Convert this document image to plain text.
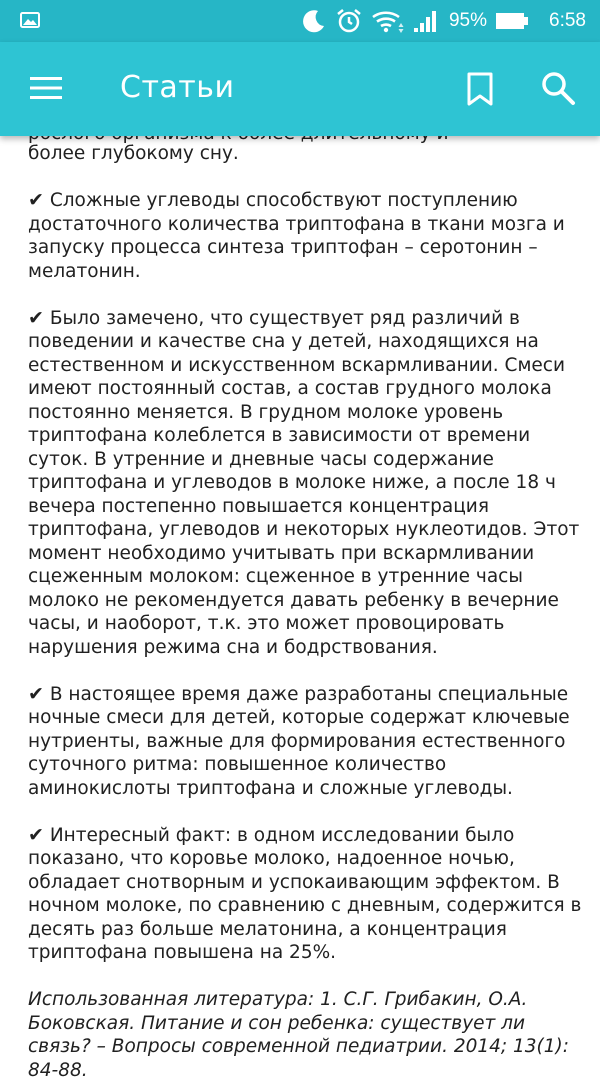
95%	6:58
Статьи

более глубокому сну.

✔ Сложные углеводы способствуют поступлению достаточного количества триптофана в ткани мозга и запуску процесса синтеза триптофан – серотонин – мелатонин.

✔ Было замечено, что существует ряд различий в поведении и качестве сна у детей, находящихся на естественном и искусственном вскармливании. Смеси имеют постоянный состав, а состав грудного молока постоянно меняется. В грудном молоке уровень триптофана колеблется в зависимости от времени суток. В утренние и дневные часы содержание триптофана и углеводов в молоке ниже, а после 18 ч вечера постепенно повышается концентрация триптофана, углеводов и некоторых нуклеотидов. Этот момент необходимо учитывать при вскармливании сцеженным молоком: сцеженное в утренние часы молоко не рекомендуется давать ребенку в вечерние часы, и наоборот, т.к. это может провоцировать нарушения режима сна и бодрствования.

✔ В настоящее время даже разработаны специальные ночные смеси для детей, которые содержат ключевые нутриенты, важные для формирования естественного суточного ритма: повышенное количество аминокислоты триптофана и сложные углеводы.

✔ Интересный факт: в одном исследовании было показано, что коровье молоко, надоенное ночью, обладает снотворным и успокаивающим эффектом. В ночном молоке, по сравнению с дневным, содержится в десять раз больше мелатонина, а концентрация триптофана повышена на 25%.

Использованная литература: 1. С.Г. Грибакин, О.А. Боковская. Питание и сон ребенка: существует ли связь? – Вопросы современной педиатрии. 2014; 13(1): 84-88.
